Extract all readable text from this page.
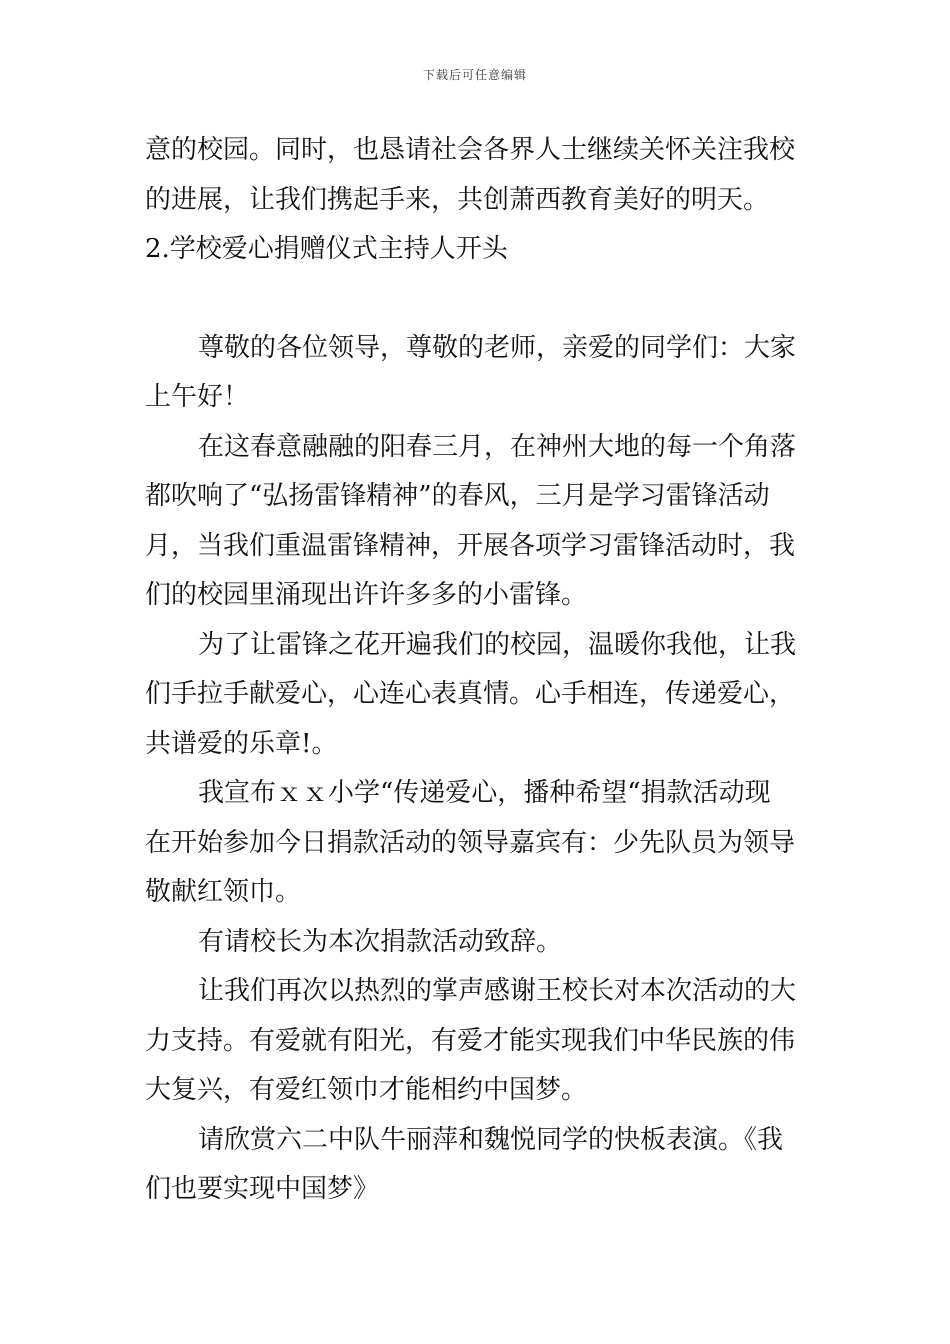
下载后可任意编辑
意的校园。同时，也恳请社会各界人士继续关怀关注我校
的进展，让我们携起手来，共创萧西教育美好的明天。
2.学校爱心捐赠仪式主持人开头
尊敬的各位领导，尊敬的老师，亲爱的同学们：大家
上午好！
在这春意融融的阳春三月，在神州大地的每一个角落
都吹响了“弘扬雷锋精神”的春风，三月是学习雷锋活动
月，当我们重温雷锋精神，开展各项学习雷锋活动时，我
们的校园里涌现出许许多多的小雷锋。
为了让雷锋之花开遍我们的校园，温暖你我他，让我
们手拉手献爱心，心连心表真情。心手相连，传递爱心，
共谱爱的乐章!。
我宣布ｘｘ小学“传递爱心，播种希望“捐款活动现
在开始参加今日捐款活动的领导嘉宾有：少先队员为领导
敬献红领巾。
有请校长为本次捐款活动致辞。
让我们再次以热烈的掌声感谢王校长对本次活动的大
力支持。有爱就有阳光，有爱才能实现我们中华民族的伟
大复兴，有爱红领巾才能相约中国梦。
请欣赏六二中队牛丽萍和魏悦同学的快板表演。《我
们也要实现中国梦》
